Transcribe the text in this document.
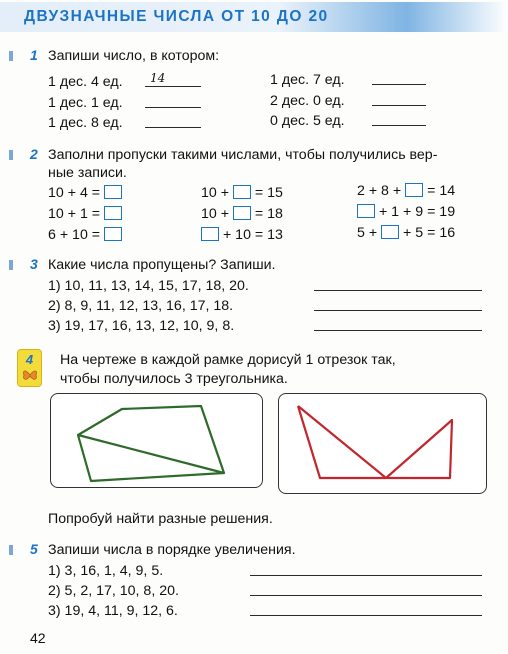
ДВУЗНАЧНЫЕ ЧИСЛА ОТ 10 ДО 20
1 Запиши число, в котором:
1 дес. 4 ед. 14
1 дес. 1 ед.
1 дес. 8 ед.
1 дес. 7 ед.
2 дес. 0 ед.
0 дес. 5 ед.
2 Заполни пропуски такими числами, чтобы получились вер-
ные записи.
10 + 4 =
10 + 1 =
6 + 10 =
10 + = 15
10 + = 18
+ 10 = 13
2 + 8 + = 14
+ 1 + 9 = 19
5 + + 5 = 16
3 Какие числа пропущены? Запиши.
1) 10, 11, 13, 14, 15, 17, 18, 20.
2) 8, 9, 11, 12, 13, 16, 17, 18.
3) 19, 17, 16, 13, 12, 10, 9, 8.
4	На чертеже в каждой рамке дорисуй 1 отрезок так,
чтобы получилось 3 треугольника.
Попробуй найти разные решения.
5 Запиши числа в порядке увеличения.
1) 3, 16, 1, 4, 9, 5.
2) 5, 2, 17, 10, 8, 20.
3) 19, 4, 11, 9, 12, 6.
42
